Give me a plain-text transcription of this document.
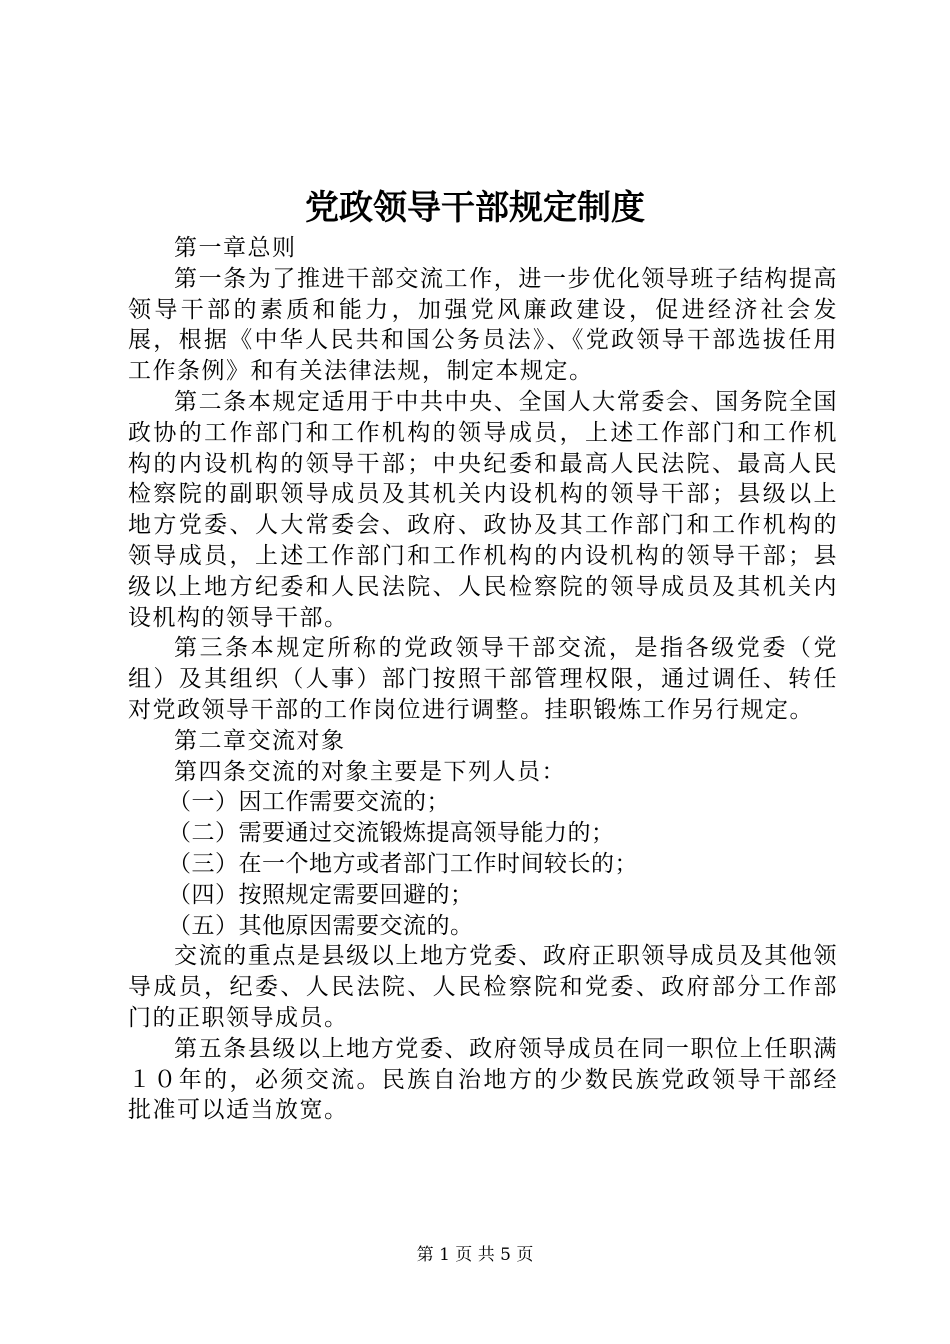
党政领导干部规定制度

第一章总则

第一条为了推进干部交流工作，进一步优化领导班子结构提高领导干部的素质和能力，加强党风廉政建设，促进经济社会发展，根据《中华人民共和国公务员法》、《党政领导干部选拔任用工作条例》和有关法律法规，制定本规定。

第二条本规定适用于中共中央、全国人大常委会、国务院全国政协的工作部门和工作机构的领导成员，上述工作部门和工作机构的内设机构的领导干部；中央纪委和最高人民法院、最高人民检察院的副职领导成员及其机关内设机构的领导干部；县级以上地方党委、人大常委会、政府、政协及其工作部门和工作机构的领导成员，上述工作部门和工作机构的内设机构的领导干部；县级以上地方纪委和人民法院、人民检察院的领导成员及其机关内设机构的领导干部。

第三条本规定所称的党政领导干部交流，是指各级党委（党组）及其组织（人事）部门按照干部管理权限，通过调任、转任对党政领导干部的工作岗位进行调整。挂职锻炼工作另行规定。

第二章交流对象

第四条交流的对象主要是下列人员：

（一）因工作需要交流的；

（二）需要通过交流锻炼提高领导能力的；

（三）在一个地方或者部门工作时间较长的；

（四）按照规定需要回避的；

（五）其他原因需要交流的。

交流的重点是县级以上地方党委、政府正职领导成员及其他领导成员，纪委、人民法院、人民检察院和党委、政府部分工作部门的正职领导成员。

第五条县级以上地方党委、政府领导成员在同一职位上任职满１０年的，必须交流。民族自治地方的少数民族党政领导干部经批准可以适当放宽。

第 1 页 共 5 页
